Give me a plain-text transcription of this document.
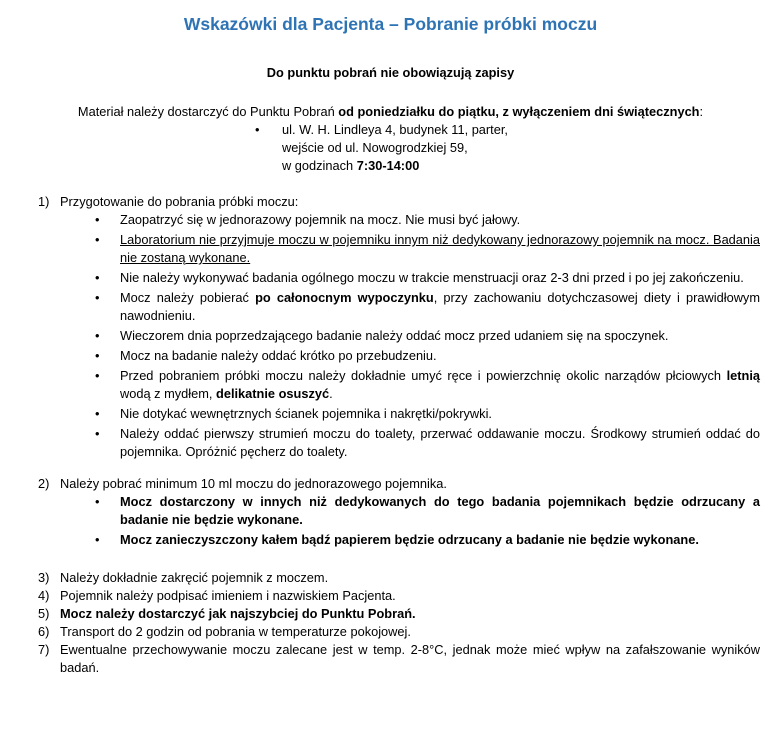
Wskazówki dla Pacjenta – Pobranie próbki moczu
Do punktu pobrań nie obowiązują zapisy
Materiał należy dostarczyć do Punktu Pobrań od poniedziałku do piątku, z wyłączeniem dni świątecznych:
•	ul. W. H. Lindleya 4, budynek 11, parter,
wejście od ul. Nowogrodzkiej 59,
w godzinach 7:30-14:00
1) Przygotowanie do pobrania próbki moczu:
•	Zaopatrzyć się w jednorazowy pojemnik na mocz. Nie musi być jałowy.
•	Laboratorium nie przyjmuje moczu w pojemniku innym niż dedykowany jednorazowy pojemnik na mocz. Badania nie zostaną wykonane.
•	Nie należy wykonywać badania ogólnego moczu w trakcie menstruacji oraz 2-3 dni przed i po jej zakończeniu.
•	Mocz należy pobierać po całonocnym wypoczynku, przy zachowaniu dotychczasowej diety i prawidłowym nawodnieniu.
•	Wieczorem dnia poprzedzającego badanie należy oddać mocz przed udaniem się na spoczynek.
•	Mocz na badanie należy oddać krótko po przebudzeniu.
•	Przed pobraniem próbki moczu należy dokładnie umyć ręce i powierzchnię okolic narządów płciowych letnią wodą z mydłem, delikatnie osuszyć.
•	Nie dotykać wewnętrznych ścianek pojemnika i nakrętki/pokrywki.
•	Należy oddać pierwszy strumień moczu do toalety, przerwać oddawanie moczu. Środkowy strumień oddać do pojemnika. Opróżnić pęcherz do toalety.
2) Należy pobrać minimum 10 ml moczu do jednorazowego pojemnika.
•	Mocz dostarczony w innych niż dedykowanych do tego badania pojemnikach będzie odrzucany a badanie nie będzie wykonane.
•	Mocz zanieczyszczony kałem bądź papierem będzie odrzucany a badanie nie będzie wykonane.
3) Należy dokładnie zakręcić pojemnik z moczem.
4) Pojemnik należy podpisać imieniem i nazwiskiem Pacjenta.
5) Mocz należy dostarczyć jak najszybciej do Punktu Pobrań.
6) Transport do 2 godzin od pobrania w temperaturze pokojowej.
7) Ewentualne przechowywanie moczu zalecane jest w temp. 2-8°C, jednak może mieć wpływ na zafałszowanie wyników badań.
